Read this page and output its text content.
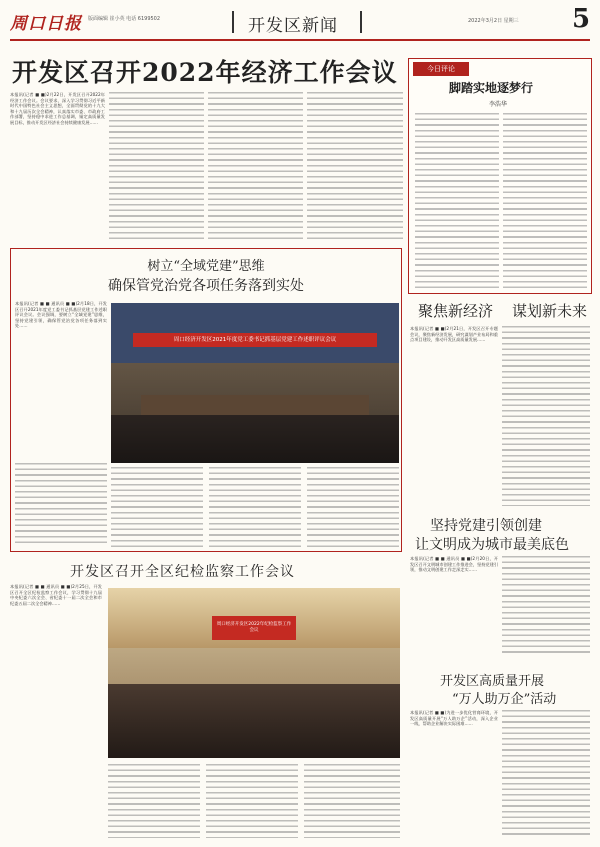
周口日报 版面编辑 崔小英 电话 6199502	开发区新闻	2022年3月2日 星期三 5
开发区召开2022年经济工作会议
本报讯(记者 ■ ■)2月22日，开发区召开2022年经济工作会议。会议要求，深入学习贯彻习近平新时代中国特色社会主义思想，全面贯彻党的十九大和十九届历次全会精神，认真落实市委、市政府工作部署，坚持稳中求进工作总基调，锚定高质量发展目标，推动开发区经济社会持续健康发展……
今日评论
脚踏实地逐梦行
李浩华
树立“全域党建”思维
确保管党治党各项任务落到实处
本报讯(记者 ■ ■ 通讯员 ■ ■)2月18日，开发区召开2021年度党工委书记抓基层党建工作述职评议会议。会议强调，要树立“全域党建”思维，坚持党建引领，确保管党治党各项任务落到实处……
周口经济开发区2021年度党工委书记抓基层党建工作述职评议会议
聚焦新经济 谋划新未来
本报讯(记者 ■ ■)2月21日，开发区召开专题会议，聚焦新经济发展，研究谋划产业布局和重点项目建设，推动开发区高质量发展……
坚持党建引领创建
让文明成为城市最美底色
本报讯(记者 ■ ■ 通讯员 ■ ■)2月20日，开发区召开文明城市创建工作推进会，坚持党建引领，推动文明创建工作走深走实……
开发区召开全区纪检监察工作会议
本报讯(记者 ■ ■ 通讯员 ■ ■)2月25日，开发区召开全区纪检监察工作会议，学习贯彻十九届中央纪委六次全会、省纪委十一届二次全会和市纪委五届二次全会精神……
周口经济开发区2022年纪检监察工作会议
开发区高质量开展
“万人助万企”活动
本报讯(记者 ■ ■)为进一步优化营商环境，开发区高质量开展“万人助万企”活动，深入企业一线，帮助企业解决实际困难……
